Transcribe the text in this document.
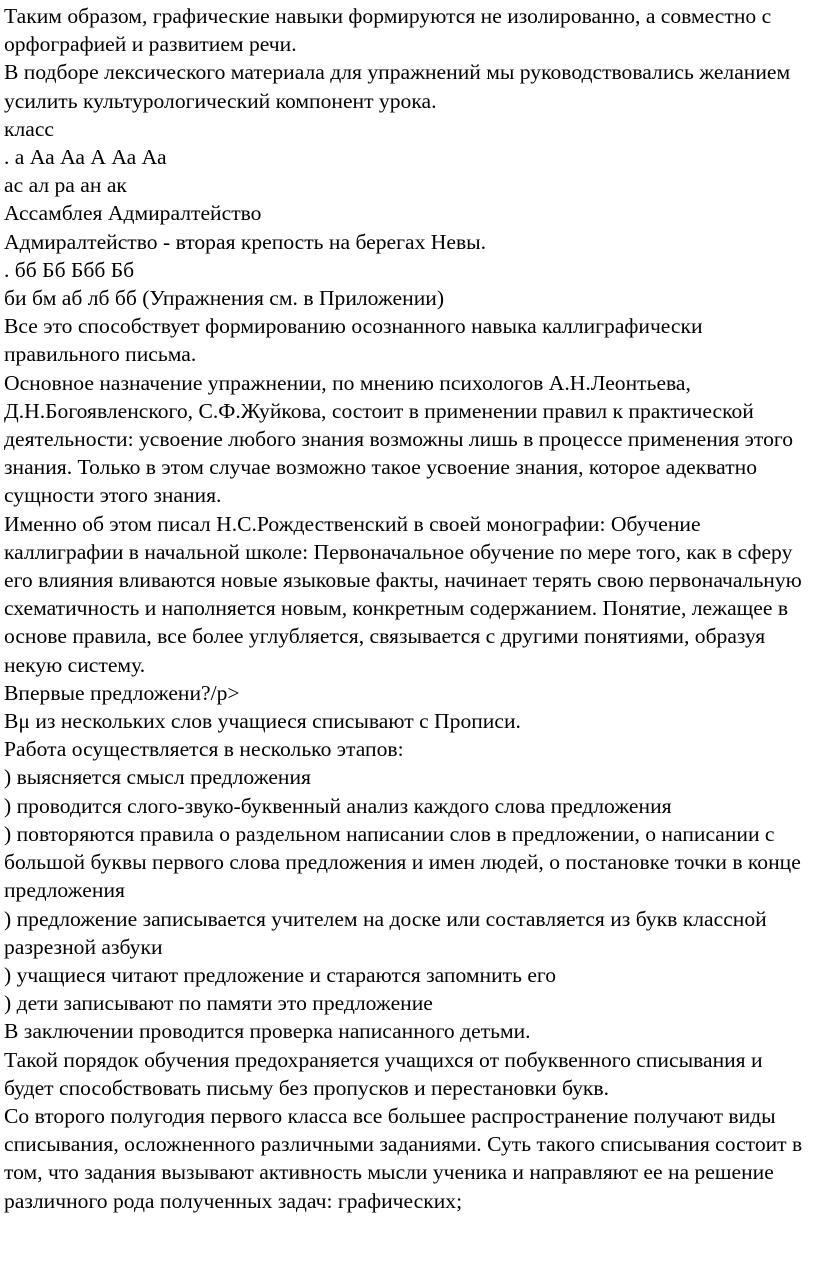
Таким образом, графические навыки формируются не изолированно, а совместно с орфографией и развитием речи.

В подборе лексического материала для упражнений мы руководствовались желанием усилить культурологический компонент урока.

класс

. а Аа Аа А Аа Аа

ас ал ра ан ак

Ассамблея Адмиралтейство

Адмиралтейство - вторая крепость на берегах Невы.

. бб Бб Ббб Бб

би бм аб лб бб (Упражнения см. в Приложении)

Все это способствует формированию осознанного навыка каллиграфически правильного письма.

Основное назначение упражнении, по мнению психологов А.Н.Леонтьева, Д.Н.Богоявленского, С.Ф.Жуйкова, состоит в применении правил к практической деятельности: усвоение любого знания возможны лишь в процессе применения этого знания. Только в этом случае возможно такое усвоение знания, которое адекватно сущности этого знания.

Именно об этом писал Н.С.Рождественский в своей монографии: Обучение каллиграфии в начальной школе: Первоначальное обучение по мере того, как в сферу его влияния вливаются новые языковые факты, начинает терять свою первоначальную схематичность и наполняется новым, конкретным содержанием. Понятие, лежащее в основе правила, все более углубляется, связывается с другими понятиями, образуя некую систему.

Впервые предложени?/p>

Вμ из нескольких слов учащиеся списывают с Прописи.

Работа осуществляется в несколько этапов:

) выясняется смысл предложения

) проводится слого-звуко-буквенный анализ каждого слова предложения

) повторяются правила о раздельном написании слов в предложении, о написании с большой буквы первого слова предложения и имен людей, о постановке точки в конце предложения

) предложение записывается учителем на доске или составляется из букв классной разрезной азбуки

) учащиеся читают предложение и стараются запомнить его

) дети записывают по памяти это предложение

В заключении проводится проверка написанного детьми.

Такой порядок обучения предохраняется учащихся от побуквенного списывания и будет способствовать письму без пропусков и перестановки букв.

Со второго полугодия первого класса все большее распространение получают виды списывания, осложненного различными заданиями. Суть такого списывания состоит в том, что задания вызывают активность мысли ученика и направляют ее на решение различного рода полученных задач: графических;
